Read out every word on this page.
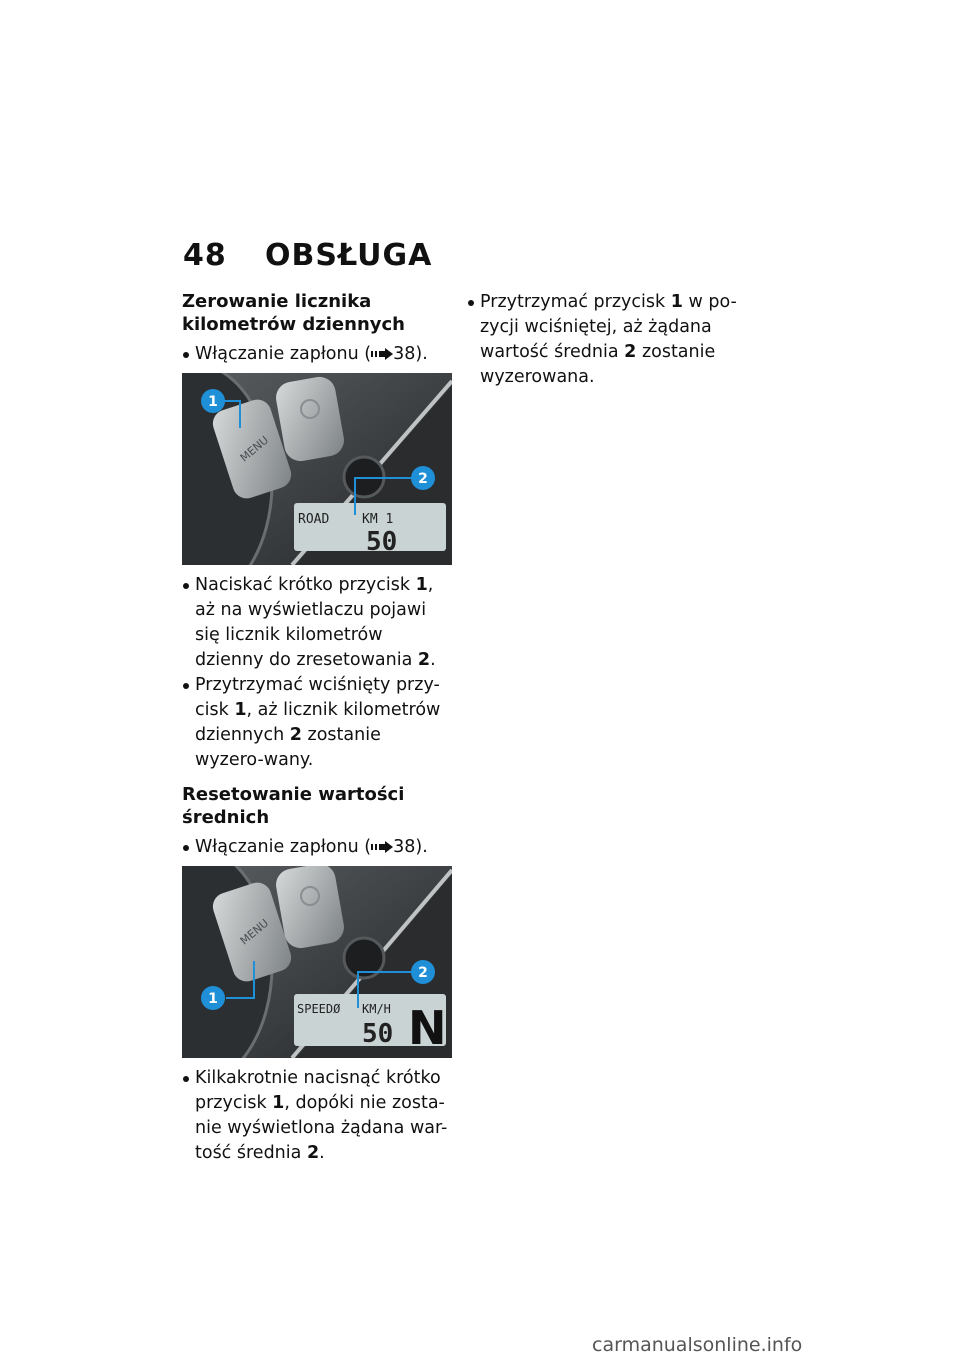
48 OBSŁUGA
Zerowanie licznika
kilometrów dziennych

Włączanie zapłonu ( 38).

MENU
ROAD	KM 1
50
1
2

Naciskać krótko przycisk 1, aż na wyświetlaczu pojawi się licznik kilometrów dzienny do zresetowania 2.

Przytrzymać wciśnięty przy-cisk 1, aż licznik kilometrów dziennych 2 zostanie wyzero-wany.

Resetowanie wartości
średnich

Włączanie zapłonu ( 38).

MENU
SPEEDØ KM/H
50 N
1
2

Kilkakrotnie nacisnąć krótko przycisk 1, dopóki nie zosta-nie wyświetlona żądana war-tość średnia 2.

Przytrzymać przycisk 1 w po-zycji wciśniętej, aż żądana wartość średnia 2 zostanie wyzerowana.

carmanualsonline.info
